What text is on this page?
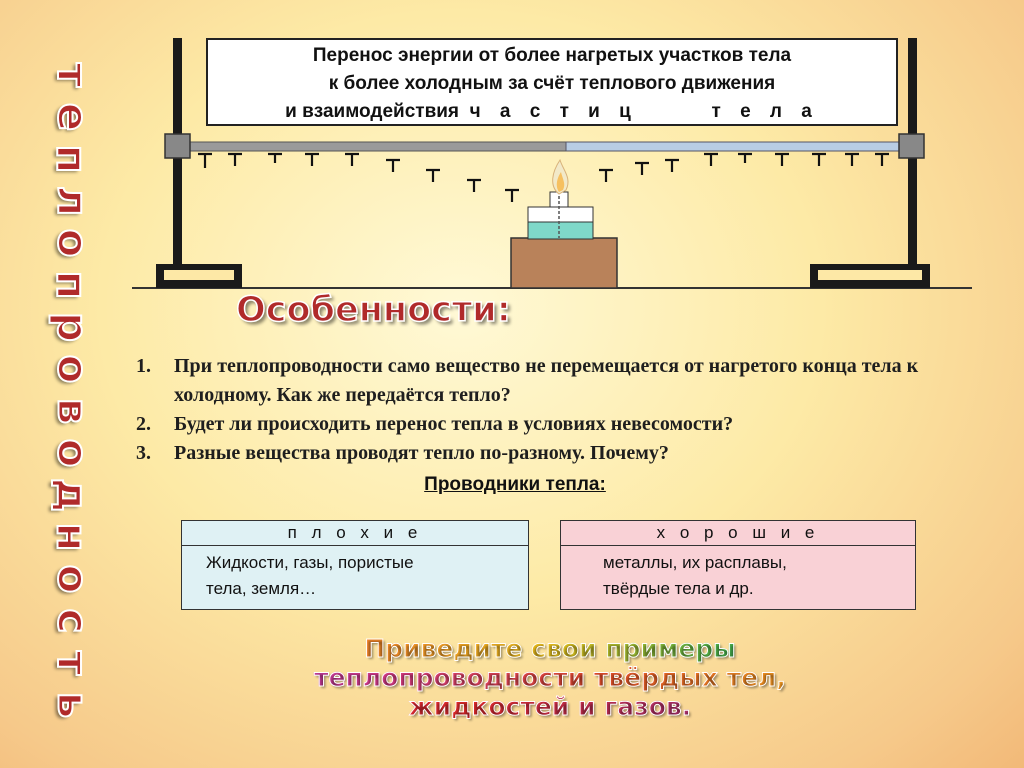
т
е
п
л
о
п
р
о
в
о
д
н
о
с
т
ь
Перенос энергии от более нагретых участков тела
к более холодным за счёт теплового движения
и взаимодействия ч а с т и ц      т е л а
Особенности:
1.	При теплопроводности само вещество не перемещается от нагретого конца тела к холодному. Как же передаётся тепло?
2.	Будет ли происходить перенос тепла в условиях невесомости?
3.	Разные вещества проводят тепло по-разному. Почему?
Проводники тепла:
п л о х и е
Жидкости, газы, пористые
тела, земля…
х о р о ш и е
металлы, их расплавы,
твёрдые тела и др.
Приведите свои примеры
теплопроводности твёрдых тел,
жидкостей и газов.
